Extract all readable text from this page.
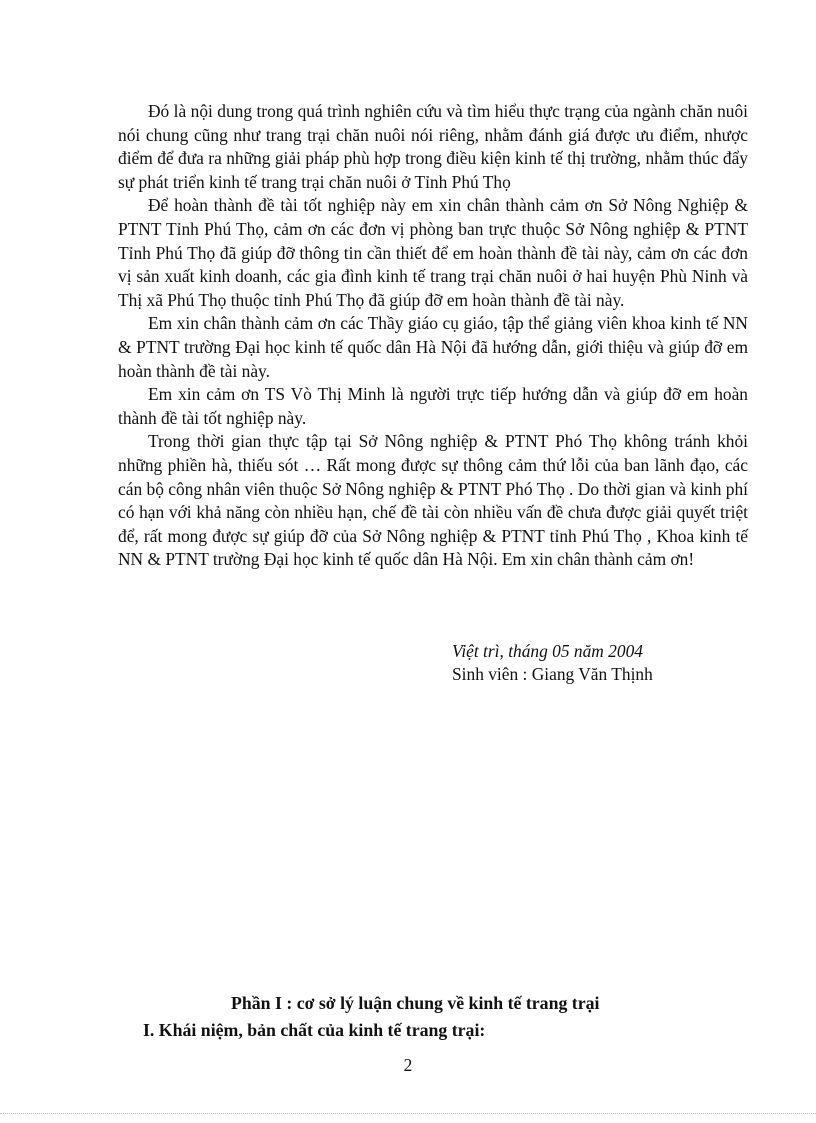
Đó là nội dung trong quá trình nghiên cứu và tìm hiểu thực trạng của ngành chăn nuôi nói chung cũng như trang trại chăn nuôi nói riêng, nhằm đánh giá được ưu điểm, nhược điểm để đưa ra những giải pháp phù hợp trong điều kiện kinh tế thị trường, nhằm thúc đẩy sự phát triển kinh tế trang trại chăn nuôi ở Tỉnh Phú Thọ

Để hoàn thành đề tài tốt nghiệp này em xin chân thành cảm ơn Sở Nông Nghiệp & PTNT Tỉnh Phú Thọ, cảm ơn các đơn vị phòng ban trực thuộc Sở Nông nghiệp & PTNT Tỉnh Phú Thọ đã giúp đỡ thông tin cần thiết để em hoàn thành đề tài này, cảm ơn các đơn vị sản xuất kinh doanh, các gia đình kinh tế trang trại chăn nuôi ở hai huyện Phù Ninh và Thị xã Phú Thọ thuộc tỉnh Phú Thọ đã giúp đỡ em hoàn thành đề tài này.

Em xin chân thành cảm ơn các Thầy giáo cụ giáo, tập thể giảng viên khoa kinh tế NN & PTNT trường Đại học kinh tế quốc dân Hà Nội đã hướng dẫn, giới thiệu và giúp đỡ em hoàn thành đề tài này.

Em xin cảm ơn TS Vò Thị Minh là người trực tiếp hướng dẫn và giúp đỡ em hoàn thành đề tài tốt nghiệp này.

Trong thời gian thực tập tại Sở Nông nghiệp & PTNT Phó Thọ không tránh khỏi những phiền hà, thiếu sót … Rất mong được sự thông cảm thứ lỗi của ban lãnh đạo, các cán bộ công nhân viên thuộc Sở Nông nghiệp & PTNT Phó Thọ . Do thời gian và kinh phí có hạn với khả năng còn nhiều hạn, chế đề tài còn nhiều vấn đề chưa được giải quyết triệt để, rất mong được sự giúp đỡ của Sở Nông nghiệp & PTNT tỉnh Phú Thọ , Khoa kinh tế NN & PTNT trường Đại học kinh tế quốc dân Hà Nội. Em xin chân thành cảm ơn!

Việt trì, tháng 05 năm 2004
Sinh viên : Giang Văn Thịnh
Phần I : cơ sở lý luận chung về kinh tế trang trại
I. Khái niệm, bản chất của kinh tế trang trại:
2
